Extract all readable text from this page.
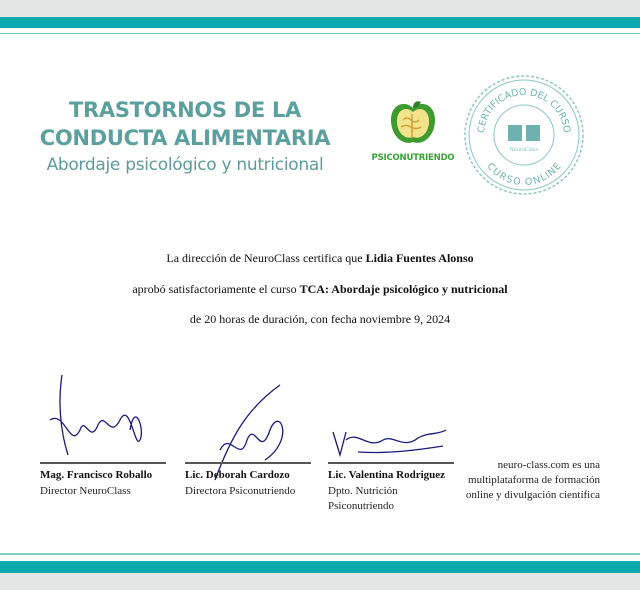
TRASTORNOS DE LA
CONDUCTA ALIMENTARIA
Abordaje psicológico y nutricional	PSICONUTRIENDO
CERTIFICADO DEL CURSO
CURSO ONLINE
NeuroClass
La dirección de NeuroClass certifica que Lidia Fuentes Alonso
aprobó satisfactoriamente el curso TCA: Abordaje psicológico y nutricional
de 20 horas de duración, con fecha noviembre 9, 2024
Mag. Francisco Roballo
Director NeuroClass
Lic. Deborah Cardozo
Directora Psiconutriendo
Lic. Valentina Rodriguez
Dpto. Nutrición Psiconutriendo
neuro-class.com es una multiplataforma de formación online y divulgación científica
